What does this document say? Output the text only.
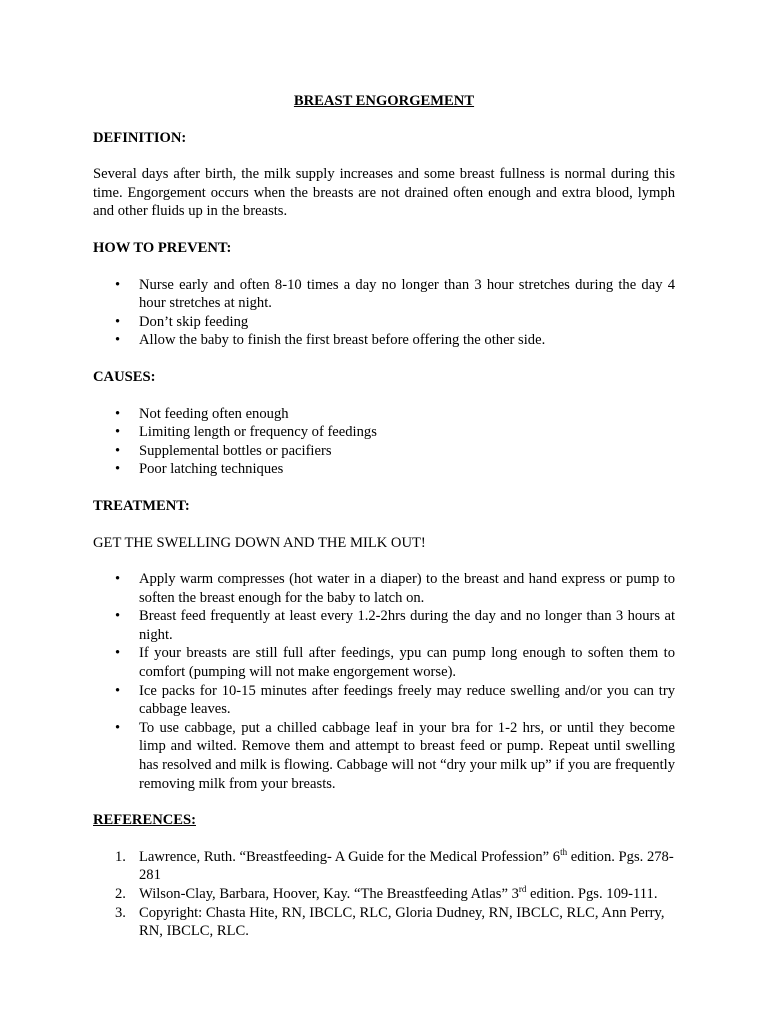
BREAST ENGORGEMENT
DEFINITION:

Several days after birth, the milk supply increases and some breast fullness is normal during this time. Engorgement occurs when the breasts are not drained often enough and extra blood, lymph and other fluids up in the breasts.

HOW TO PREVENT:
• Nurse early and often 8-10 times a day no longer than 3 hour stretches during the day 4 hour stretches at night.
• Don’t skip feeding
• Allow the baby to finish the first breast before offering the other side.
CAUSES:
• Not feeding often enough
• Limiting length or frequency of feedings
• Supplemental bottles or pacifiers
• Poor latching techniques
TREATMENT:

GET THE SWELLING DOWN AND THE MILK OUT!

• Apply warm compresses (hot water in a diaper) to the breast and hand express or pump to soften the breast enough for the baby to latch on.
• Breast feed frequently at least every 1.2-2hrs during the day and no longer than 3 hours at night.
• If your breasts are still full after feedings, ypu can pump long enough to soften them to comfort (pumping will not make engorgement worse).
• Ice packs for 10-15 minutes after feedings freely may reduce swelling and/or you can try cabbage leaves.
• To use cabbage, put a chilled cabbage leaf in your bra for 1-2 hrs, or until they become limp and wilted. Remove them and attempt to breast feed or pump. Repeat until swelling has resolved and milk is flowing. Cabbage will not “dry your milk up” if you are frequently removing milk from your breasts.
REFERENCES:
1. Lawrence, Ruth. “Breastfeeding- A Guide for the Medical Profession” 6th edition. Pgs. 278-281
2. Wilson-Clay, Barbara, Hoover, Kay. “The Breastfeeding Atlas” 3rd edition. Pgs. 109-111.
3. Copyright: Chasta Hite, RN, IBCLC, RLC, Gloria Dudney, RN, IBCLC, RLC, Ann Perry, RN, IBCLC, RLC.
